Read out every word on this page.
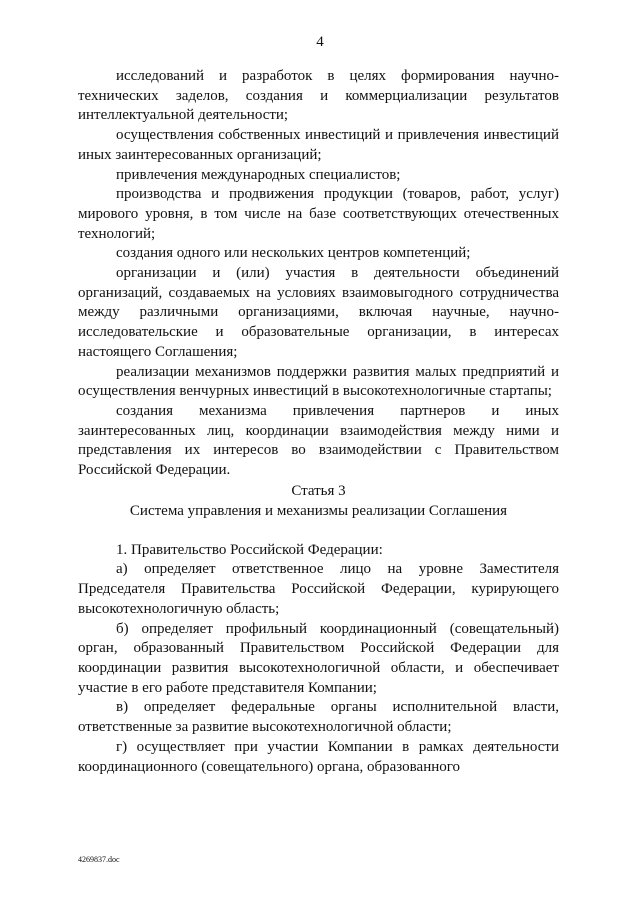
4

исследований и разработок в целях формирования научно-технических заделов, создания и коммерциализации результатов интеллектуальной деятельности;

осуществления собственных инвестиций и привлечения инвестиций иных заинтересованных организаций;

привлечения международных специалистов;

производства и продвижения продукции (товаров, работ, услуг) мирового уровня, в том числе на базе соответствующих отечественных технологий;

создания одного или нескольких центров компетенций;

организации и (или) участия в деятельности объединений организаций, создаваемых на условиях взаимовыгодного сотрудничества между различными организациями, включая научные, научно-исследовательские и образовательные организации, в интересах настоящего Соглашения;

реализации механизмов поддержки развития малых предприятий и осуществления венчурных инвестиций в высокотехнологичные стартапы;

создания механизма привлечения партнеров и иных заинтересованных лиц, координации взаимодействия между ними и представления их интересов во взаимодействии с Правительством Российской Федерации.

Статья 3

Система управления и механизмы реализации Соглашения

1. Правительство Российской Федерации:

а) определяет ответственное лицо на уровне Заместителя Председателя Правительства Российской Федерации, курирующего высокотехнологичную область;

б) определяет профильный координационный (совещательный) орган, образованный Правительством Российской Федерации для координации развития высокотехнологичной области, и обеспечивает участие в его работе представителя Компании;

в) определяет федеральные органы исполнительной власти, ответственные за развитие высокотехнологичной области;

г) осуществляет при участии Компании в рамках деятельности координационного (совещательного) органа, образованного

4269837.doc
